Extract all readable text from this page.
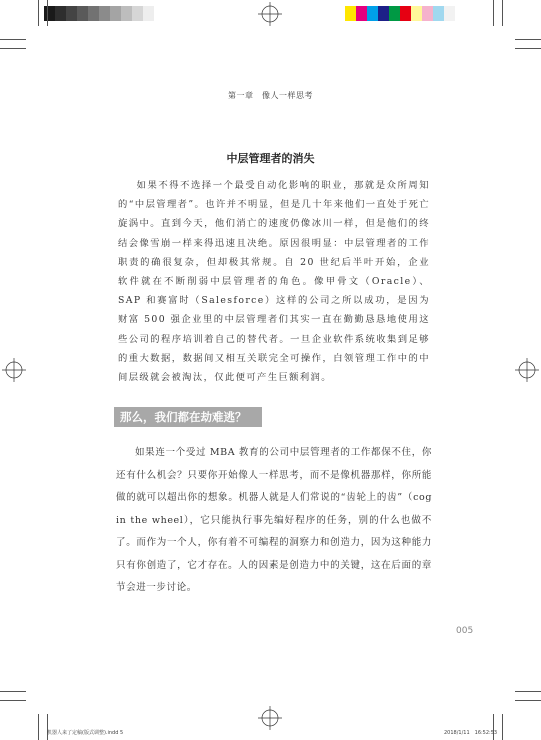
第一章　像人一样思考
中层管理者的消失

如果不得不选择一个最受自动化影响的职业，那就是众所周知的“中层管理者”。也许并不明显，但是几十年来他们一直处于死亡旋涡中。直到今天，他们消亡的速度仍像冰川一样，但是他们的终结会像雪崩一样来得迅速且决绝。原因很明显：中层管理者的工作职责的确很复杂，但却极其常规。自 20 世纪后半叶开始，企业软件就在不断削弱中层管理者的角色。像甲骨文（Oracle）、SAP 和赛富时（Salesforce）这样的公司之所以成功，是因为财富 500 强企业里的中层管理者们其实一直在勤勤恳恳地使用这些公司的程序培训着自己的替代者。一旦企业软件系统收集到足够的重大数据，数据间又相互关联完全可操作，白领管理工作中的中间层级就会被淘汰，仅此便可产生巨额利润。

那么，我们都在劫难逃？

如果连一个受过 MBA 教育的公司中层管理者的工作都保不住，你还有什么机会？只要你开始像人一样思考，而不是像机器那样，你所能做的就可以超出你的想象。机器人就是人们常说的“齿轮上的齿”（cog in the wheel），它只能执行事先编好程序的任务，别的什么也做不了。而作为一个人，你有着不可编程的洞察力和创造力，因为这种能力只有你创造了，它才存在。人的因素是创造力中的关键，这在后面的章节会进一步讨论。

005
机器人来了定稿(版式调整).indd 5	2018/1/11　16:52:53
